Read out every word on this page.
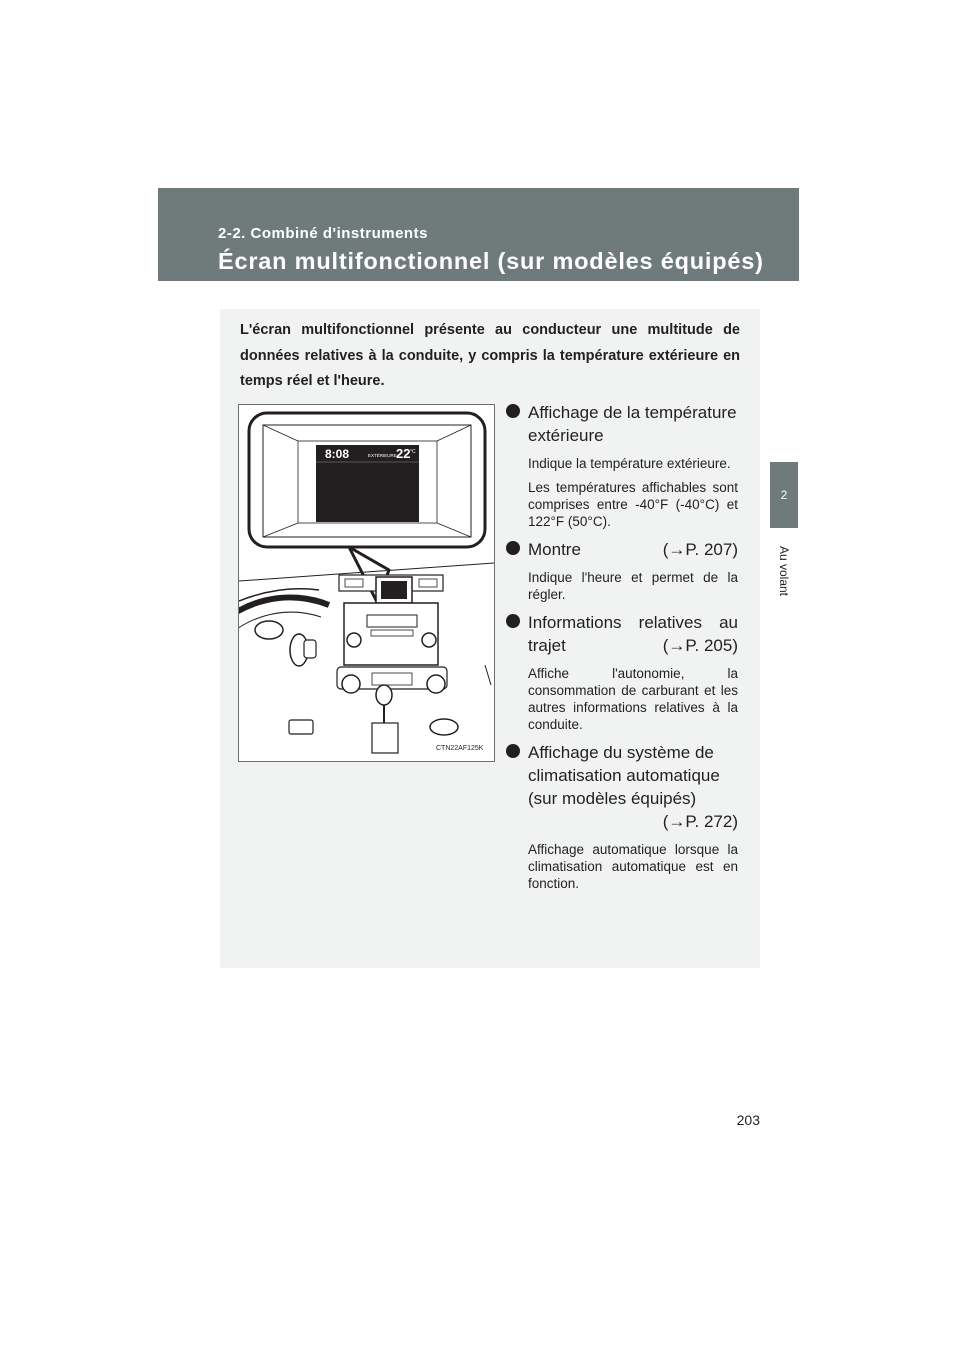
2-2. Combiné d'instruments
Écran multifonctionnel (sur modèles équipés)
2
Au volant

L'écran multifonctionnel présente au conducteur une multitude de données relatives à la conduite, y compris la température extérieure en temps réel et l'heure.

8:08	EXTÉRIEURE 22 °C
CTN22AF125K
Affichage de la température extérieure

Indique la température extérieure.

Les températures affichables sont comprises entre -40°F (-40°C) et 122°F (50°C).

Montre	(→P. 207)

Indique l'heure et permet de la régler.

Informations relatives au
trajet	(→P. 205)

Affiche l'autonomie, la consommation de carburant et les autres informations relatives à la conduite.

Affichage du système de climatisation automatique (sur modèles équipés)
(→P. 272)

Affichage automatique lorsque la climatisation automatique est en fonction.

203
